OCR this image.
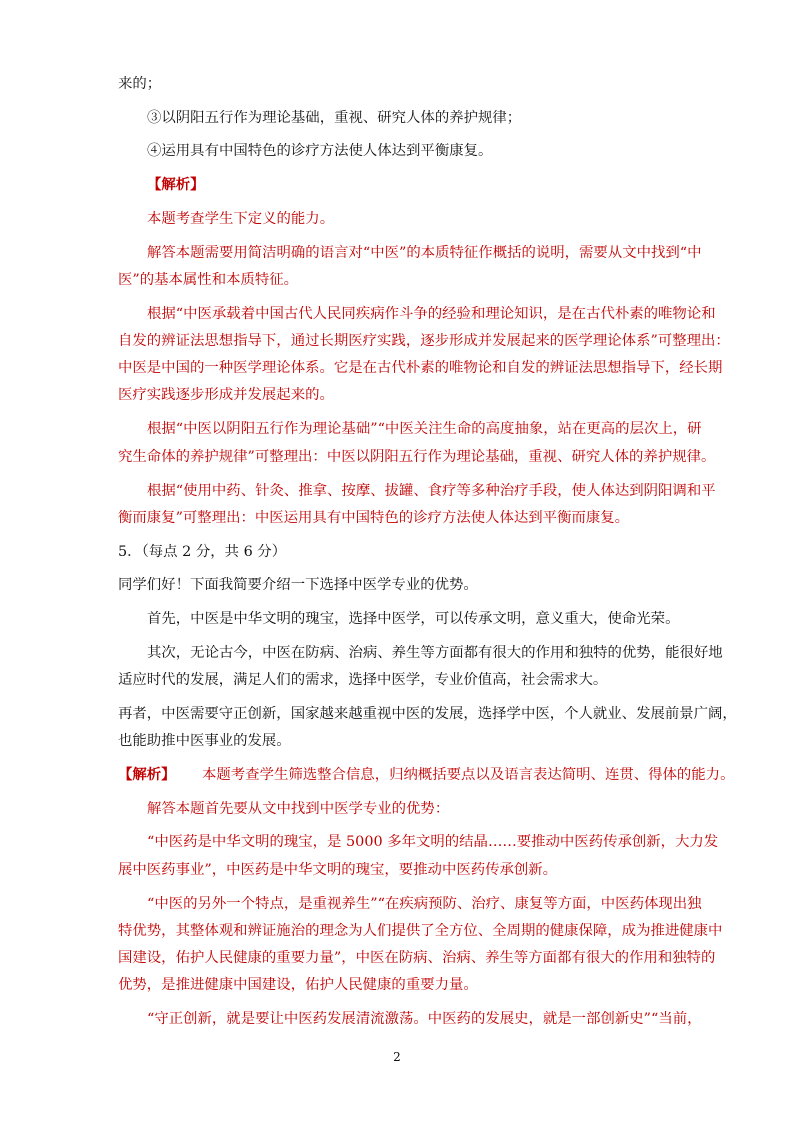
来的；
③以阴阳五行作为理论基础，重视、研究人体的养护规律；
④运用具有中国特色的诊疗方法使人体达到平衡康复。
【解析】
本题考查学生下定义的能力。
解答本题需要用简洁明确的语言对“中医”的本质特征作概括的说明，需要从文中找到“中
医”的基本属性和本质特征。
根据“中医承载着中国古代人民同疾病作斗争的经验和理论知识，是在古代朴素的唯物论和
自发的辨证法思想指导下，通过长期医疗实践，逐步形成并发展起来的医学理论体系”可整理出：
中医是中国的一种医学理论体系。它是在古代朴素的唯物论和自发的辨证法思想指导下，经长期
医疗实践逐步形成并发展起来的。
根据“中医以阴阳五行作为理论基础”“中医关注生命的高度抽象，站在更高的层次上，研
究生命体的养护规律”可整理出：中医以阴阳五行作为理论基础，重视、研究人体的养护规律。
根据“使用中药、针灸、推拿、按摩、拔罐、食疗等多种治疗手段，使人体达到阴阳调和平
衡而康复”可整理出：中医运用具有中国特色的诊疗方法使人体达到平衡而康复。
5．（每点 2 分，共 6 分）
同学们好！下面我简要介绍一下选择中医学专业的优势。
首先，中医是中华文明的瑰宝，选择中医学，可以传承文明，意义重大，使命光荣。
其次，无论古今，中医在防病、治病、养生等方面都有很大的作用和独特的优势，能很好地
适应时代的发展，满足人们的需求，选择中医学，专业价值高，社会需求大。
再者，中医需要守正创新，国家越来越重视中医的发展，选择学中医，个人就业、发展前景广阔，
也能助推中医事业的发展。
【解析】 本题考查学生筛选整合信息，归纳概括要点以及语言表达简明、连贯、得体的能力。
解答本题首先要从文中找到中医学专业的优势：
“中医药是中华文明的瑰宝，是 5000 多年文明的结晶……要推动中医药传承创新，大力发
展中医药事业”，中医药是中华文明的瑰宝，要推动中医药传承创新。
“中医的另外一个特点，是重视养生”“在疾病预防、治疗、康复等方面，中医药体现出独
特优势，其整体观和辨证施治的理念为人们提供了全方位、全周期的健康保障，成为推进健康中
国建设，佑护人民健康的重要力量”，中医在防病、治病、养生等方面都有很大的作用和独特的
优势，是推进健康中国建设，佑护人民健康的重要力量。
“守正创新，就是要让中医药发展清流激荡。中医药的发展史，就是一部创新史”“当前，
2
